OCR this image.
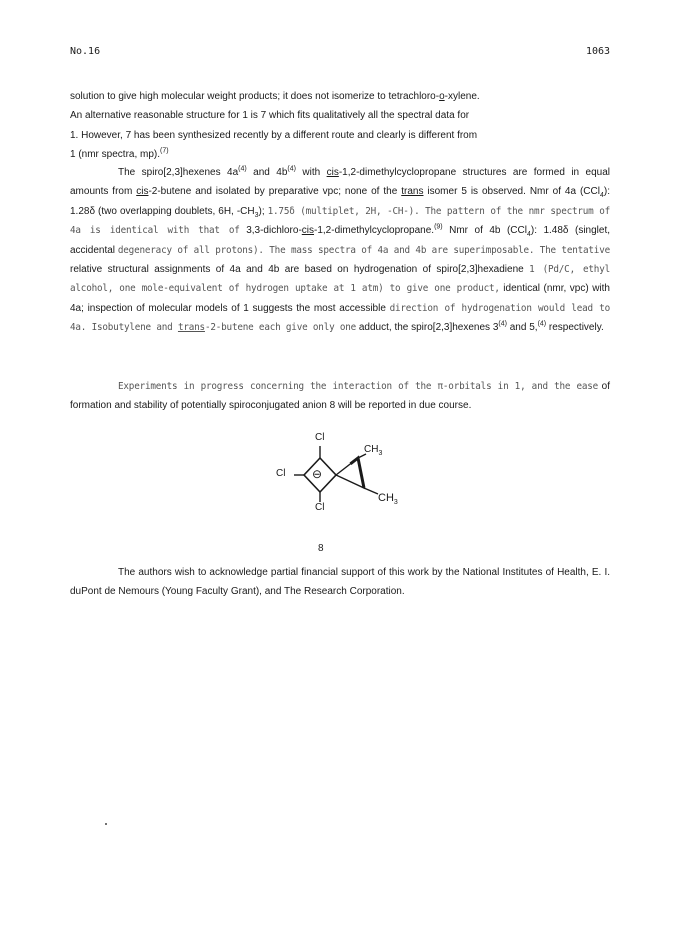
No.16	1063

solution to give high molecular weight products; it does not isomerize to tetrachloro-o-xylene.

An alternative reasonable structure for 1 is 7 which fits qualitatively all the spectral data for

1. However, 7 has been synthesized recently by a different route and clearly is different from

1 (nmr spectra, mp).$^{(7)}$

The spiro[2,3]hexenes $4a^{(4)}$ and $4b^{(4)}$ with cis-1,2-dimethylcyclopropane structures are formed in equal amounts from cis-2-butene and isolated by preparative vpc; none of the trans isomer 5 is observed. Nmr of 4a (CCl$_4$): 1.28δ (two overlapping doublets, 6H, $-CH_3$); 1.75δ (multiplet, 2H, -CH-). The pattern of the nmr spectrum of 4a is identical with that of 3,3-dichloro-cis-1,2-dimethylcyclopropane.$^{(9)}$ Nmr of 4b (CCl$_4$): 1.48δ (singlet, accidental degeneracy of all protons). The mass spectra of 4a and 4b are superimposable. The tentative relative structural assignments of 4a and 4b are based on hydrogenation of spiro[2,3]hexadiene 1 (Pd/C, ethyl alcohol, one mole-equivalent of hydrogen uptake at 1 atm) to give one product, identical (nmr, vpc) with 4a; inspection of molecular models of 1 suggests the most accessible direction of hydrogenation would lead to 4a. Isobutylene and trans-2-butene each give only one adduct, the spiro[2,3]hexenes 3$^{(4)}$ and 5,$^{(4)}$ respectively.

Experiments in progress concerning the interaction of the π-orbitals in 1, and the ease of formation and stability of potentially spiroconjugated anion 8 will be reported in due course.

Cl
Cl
Cl
⊖
$CH_3$
$CH_3$
8

The authors wish to acknowledge partial financial support of this work by the National Institutes of Health, E. I. duPont de Nemours (Young Faculty Grant), and The Research Corporation.
